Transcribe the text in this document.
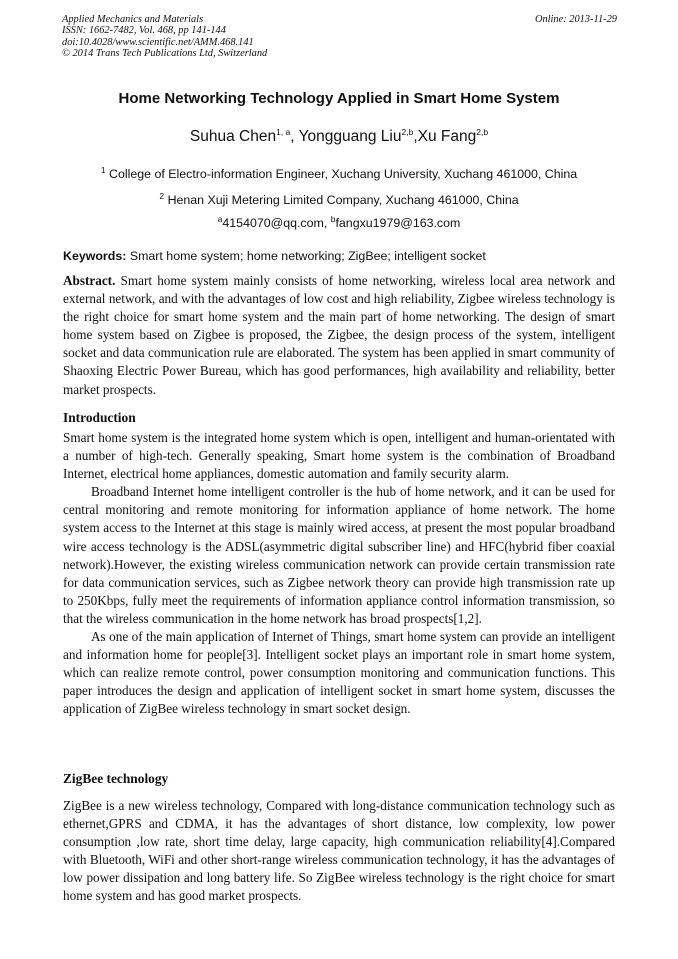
Applied Mechanics and Materials
ISSN: 1662-7482, Vol. 468, pp 141-144
doi:10.4028/www.scientific.net/AMM.468.141
© 2014 Trans Tech Publications Ltd, Switzerland
Online: 2013-11-29
Home Networking Technology Applied in Smart Home System
Suhua Chen$^{1, a}$, Yongguang Liu$^{2,b}$,Xu Fang$^{2,b}$
$^1$ College of Electro-information Engineer, Xuchang University, Xuchang 461000, China
$^2$ Henan Xuji Metering Limited Company, Xuchang 461000, China
$^a$4154070@qq.com, $^b$fangxu1979@163.com
Keywords: Smart home system; home networking; ZigBee; intelligent socket

Abstract. Smart home system mainly consists of home networking, wireless local area network and external network, and with the advantages of low cost and high reliability, Zigbee wireless technology is the right choice for smart home system and the main part of home networking. The design of smart home system based on Zigbee is proposed, the Zigbee, the design process of the system, intelligent socket and data communication rule are elaborated. The system has been applied in smart community of Shaoxing Electric Power Bureau, which has good performances, high availability and reliability, better market prospects.

Introduction

Smart home system is the integrated home system which is open, intelligent and human-orientated with a number of high-tech. Generally speaking, Smart home system is the combination of Broadband Internet, electrical home appliances, domestic automation and family security alarm.

Broadband Internet home intelligent controller is the hub of home network, and it can be used for central monitoring and remote monitoring for information appliance of home network. The home system access to the Internet at this stage is mainly wired access, at present the most popular broadband wire access technology is the ADSL(asymmetric digital subscriber line) and HFC(hybrid fiber coaxial network).However, the existing wireless communication network can provide certain transmission rate for data communication services, such as Zigbee network theory can provide high transmission rate up to 250Kbps, fully meet the requirements of information appliance control information transmission, so that the wireless communication in the home network has broad prospects[1,2].

As one of the main application of Internet of Things, smart home system can provide an intelligent and information home for people[3]. Intelligent socket plays an important role in smart home system, which can realize remote control, power consumption monitoring and communication functions. This paper introduces the design and application of intelligent socket in smart home system, discusses the application of ZigBee wireless technology in smart socket design.

ZigBee technology

ZigBee is a new wireless technology, Compared with long-distance communication technology such as ethernet,GPRS and CDMA, it has the advantages of short distance, low complexity, low power consumption ,low rate, short time delay, large capacity, high communication reliability[4].Compared with Bluetooth, WiFi and other short-range wireless communication technology, it has the advantages of low power dissipation and long battery life. So ZigBee wireless technology is the right choice for smart home system and has good market prospects.
